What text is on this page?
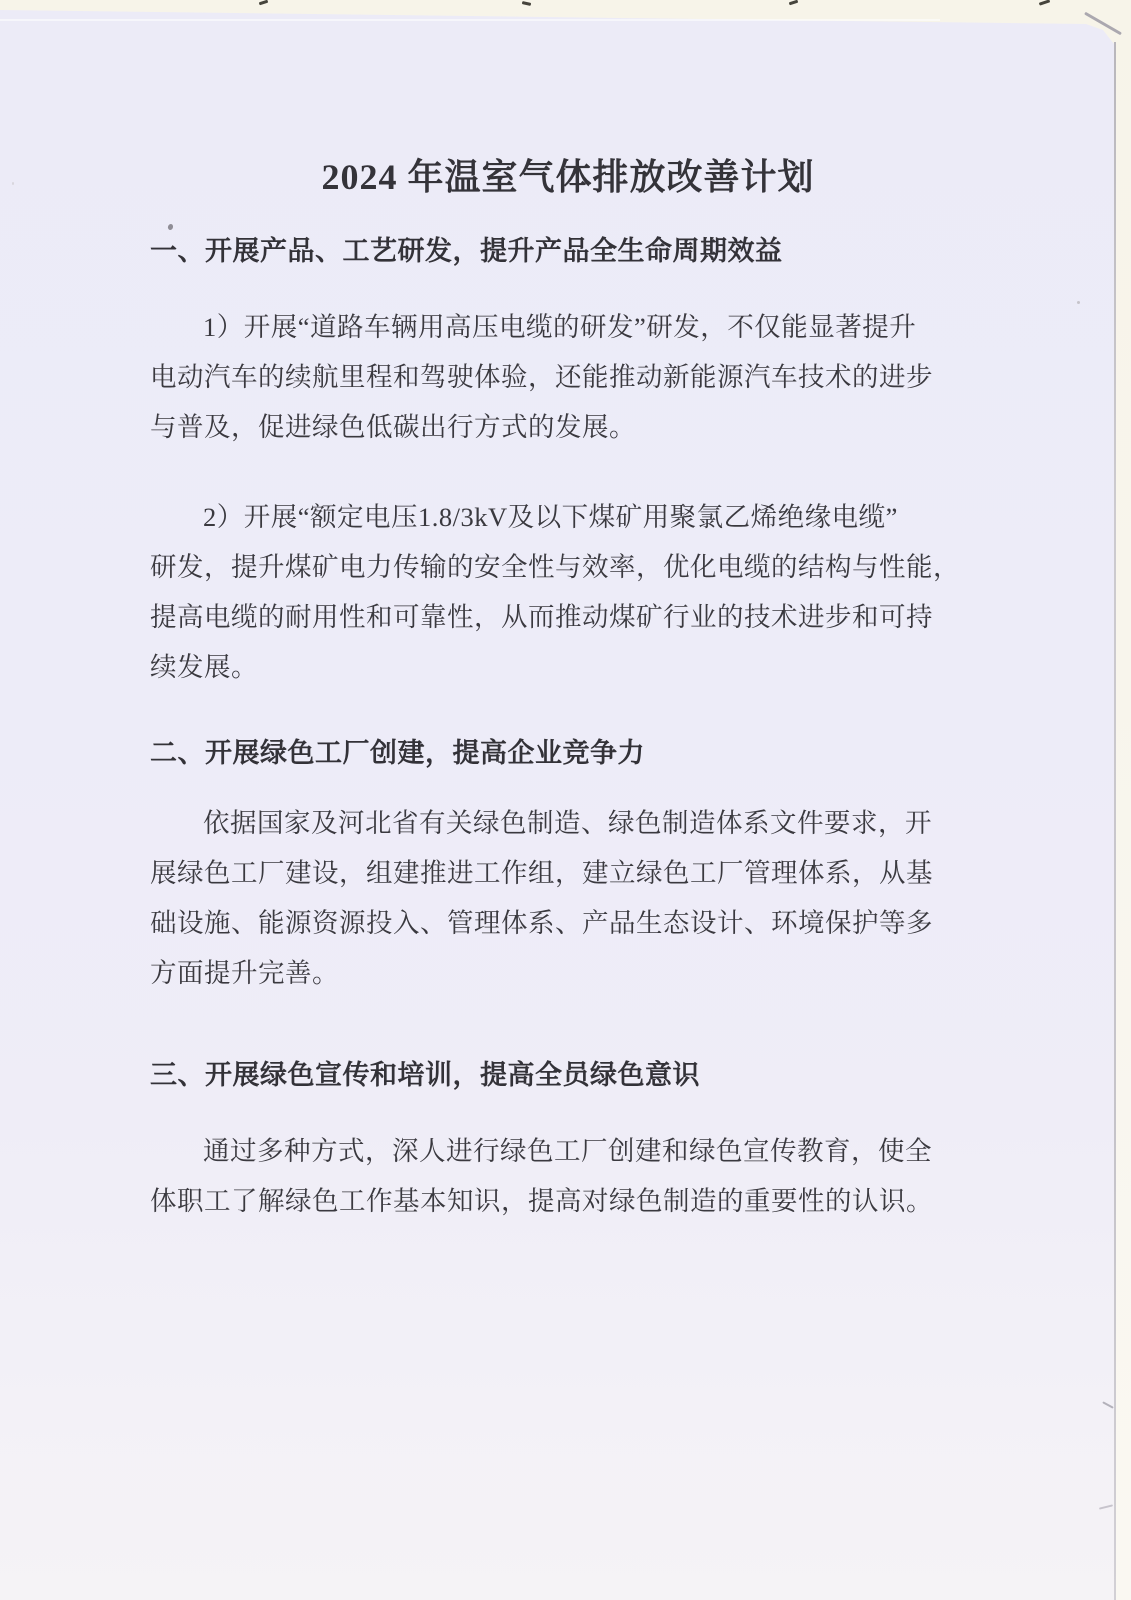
2024 年温室气体排放改善计划
一、开展产品、工艺研发，提升产品全生命周期效益
1）开展“道路车辆用高压电缆的研发”研发，不仅能显著提升
电动汽车的续航里程和驾驶体验，还能推动新能源汽车技术的进步
与普及，促进绿色低碳出行方式的发展。
2）开展“额定电压1.8/3kV及以下煤矿用聚氯乙烯绝缘电缆”
研发，提升煤矿电力传输的安全性与效率，优化电缆的结构与性能，
提高电缆的耐用性和可靠性，从而推动煤矿行业的技术进步和可持
续发展。
二、开展绿色工厂创建，提高企业竞争力
依据国家及河北省有关绿色制造、绿色制造体系文件要求，开
展绿色工厂建设，组建推进工作组，建立绿色工厂管理体系，从基
础设施、能源资源投入、管理体系、产品生态设计、环境保护等多
方面提升完善。
三、开展绿色宣传和培训，提高全员绿色意识
通过多种方式，深人进行绿色工厂创建和绿色宣传教育，使全
体职工了解绿色工作基本知识，提高对绿色制造的重要性的认识。
